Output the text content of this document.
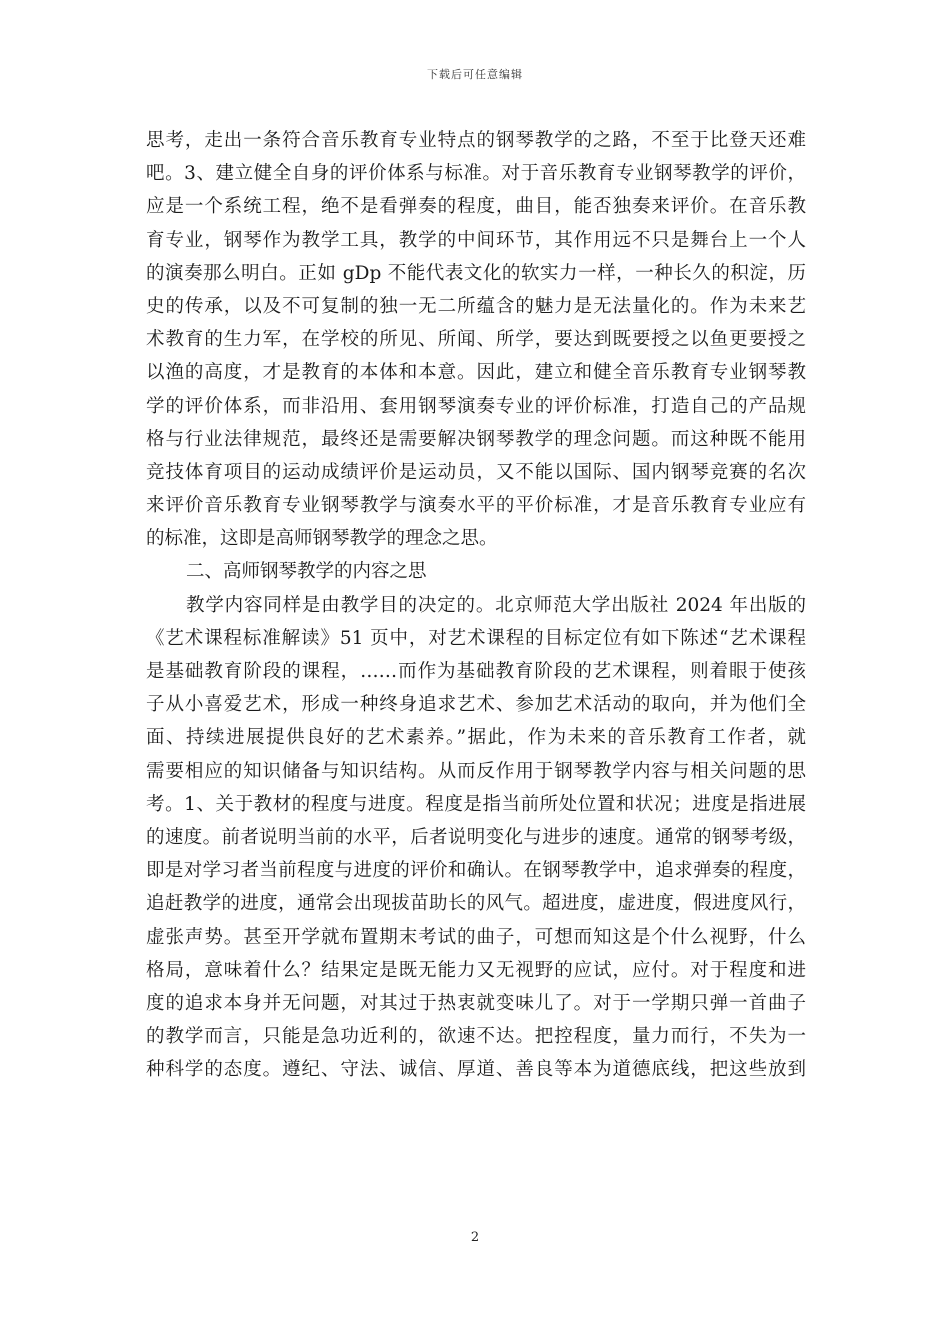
下载后可任意编辑
思考，走出一条符合音乐教育专业特点的钢琴教学的之路，不至于比登天还难
吧。3、建立健全自身的评价体系与标准。对于音乐教育专业钢琴教学的评价，
应是一个系统工程，绝不是看弹奏的程度，曲目，能否独奏来评价。在音乐教
育专业，钢琴作为教学工具，教学的中间环节，其作用远不只是舞台上一个人
的演奏那么明白。正如 gDp 不能代表文化的软实力一样，一种长久的积淀，历
史的传承，以及不可复制的独一无二所蕴含的魅力是无法量化的。作为未来艺
术教育的生力军，在学校的所见、所闻、所学，要达到既要授之以鱼更要授之
以渔的高度，才是教育的本体和本意。因此，建立和健全音乐教育专业钢琴教
学的评价体系，而非沿用、套用钢琴演奏专业的评价标准，打造自己的产品规
格与行业法律规范，最终还是需要解决钢琴教学的理念问题。而这种既不能用
竞技体育项目的运动成绩评价是运动员，又不能以国际、国内钢琴竞赛的名次
来评价音乐教育专业钢琴教学与演奏水平的平价标准，才是音乐教育专业应有
的标准，这即是高师钢琴教学的理念之思。
二、高师钢琴教学的内容之思
教学内容同样是由教学目的决定的。北京师范大学出版社 2024 年出版的
《艺术课程标准解读》51 页中，对艺术课程的目标定位有如下陈述“艺术课程
是基础教育阶段的课程，……而作为基础教育阶段的艺术课程，则着眼于使孩
子从小喜爱艺术，形成一种终身追求艺术、参加艺术活动的取向，并为他们全
面、持续进展提供良好的艺术素养。”据此，作为未来的音乐教育工作者，就
需要相应的知识储备与知识结构。从而反作用于钢琴教学内容与相关问题的思
考。1、关于教材的程度与进度。程度是指当前所处位置和状况；进度是指进展
的速度。前者说明当前的水平，后者说明变化与进步的速度。通常的钢琴考级，
即是对学习者当前程度与进度的评价和确认。在钢琴教学中，追求弹奏的程度，
追赶教学的进度，通常会出现拔苗助长的风气。超进度，虚进度，假进度风行，
虚张声势。甚至开学就布置期末考试的曲子，可想而知这是个什么视野，什么
格局，意味着什么？结果定是既无能力又无视野的应试，应付。对于程度和进
度的追求本身并无问题，对其过于热衷就变味儿了。对于一学期只弹一首曲子
的教学而言，只能是急功近利的，欲速不达。把控程度，量力而行，不失为一
种科学的态度。遵纪、守法、诚信、厚道、善良等本为道德底线，把这些放到
2
